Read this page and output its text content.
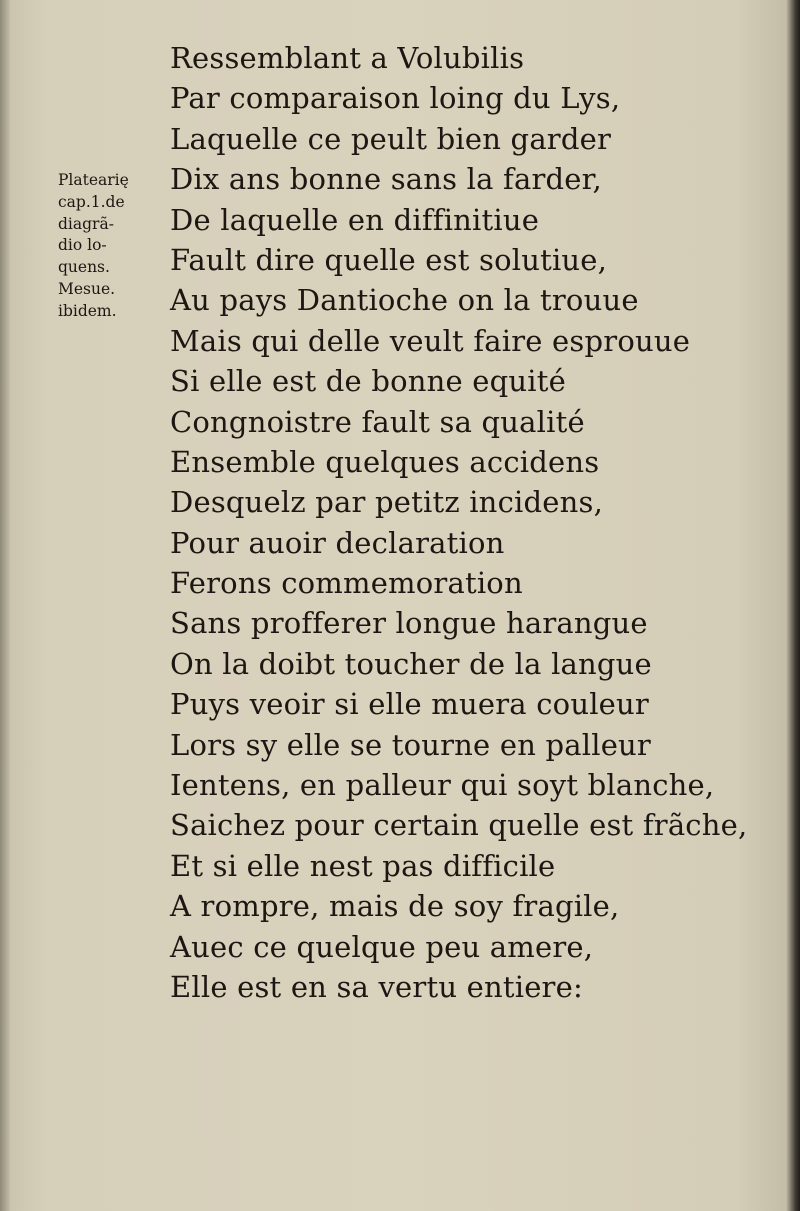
Platearię
cap.1.de
diagrã-
dio lo-
quens.
Mesue.
ibidem.
Ressemblant a Volubilis
Par comparaison loing du Lys,
Laquelle ce peult bien garder
Dix ans bonne sans la farder,
De laquelle en diffinitiue
Fault dire quelle est solutiue,
Au pays Dantioche on la trouue
Mais qui delle veult faire esprouue
Si elle est de bonne equité
Congnoistre fault sa qualité
Ensemble quelques accidens
Desquelz par petitz incidens,
Pour auoir declaration
Ferons commemoration
Sans profferer longue harangue
On la doibt toucher de la langue
Puys veoir si elle muera couleur
Lors sy elle se tourne en palleur
Ientens, en palleur qui soyt blanche,
Saichez pour certain quelle est frãche,
Et si elle nest pas difficile
A rompre, mais de soy fragile,
Auec ce quelque peu amere,
Elle est en sa vertu entiere:
